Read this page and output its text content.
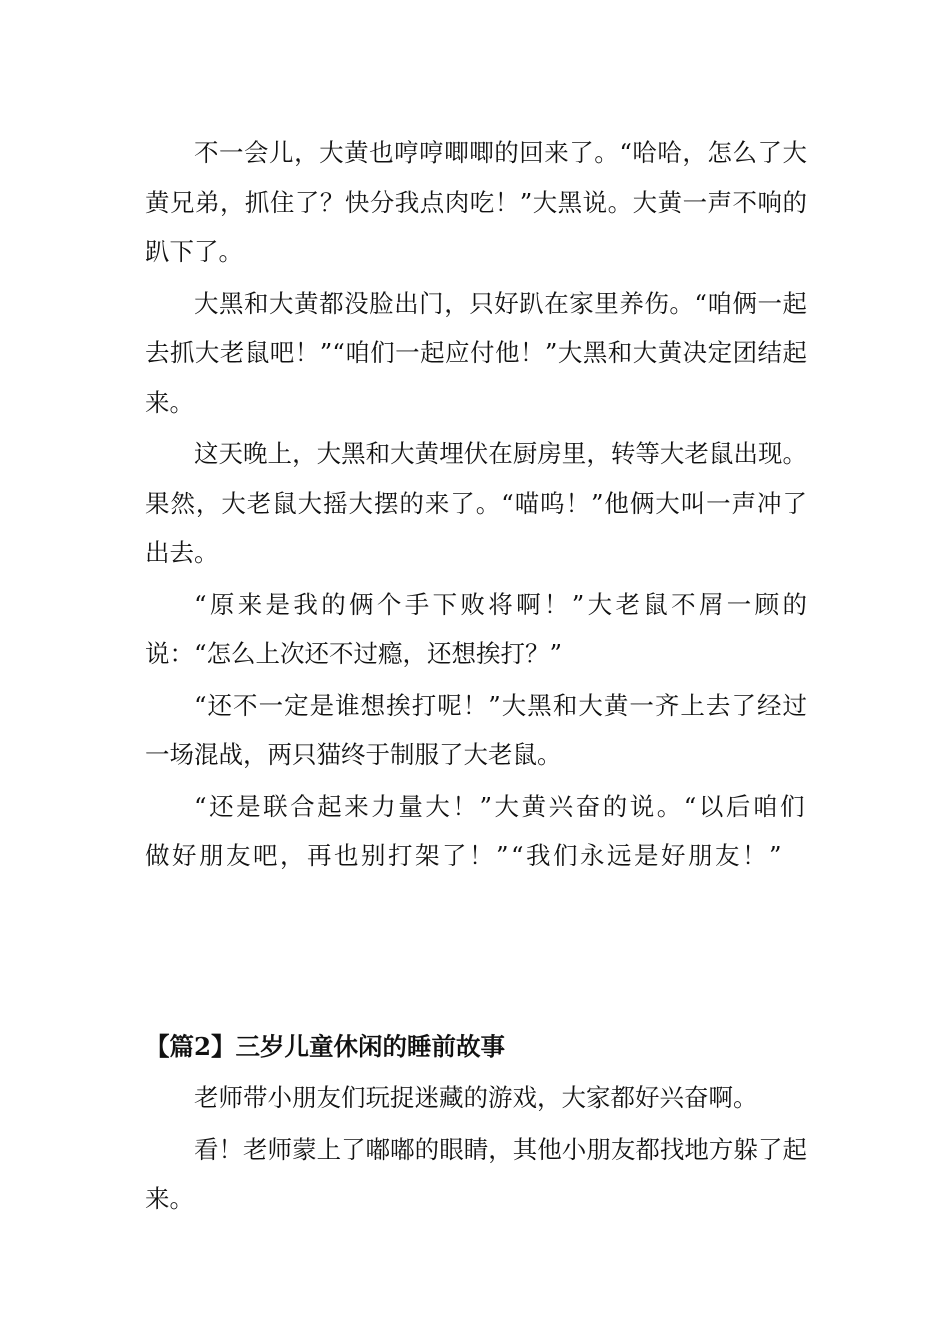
不一会儿，大黄也哼哼唧唧的回来了。“哈哈，怎么了大黄兄弟，抓住了？快分我点肉吃！”大黑说。大黄一声不响的趴下了。

大黑和大黄都没脸出门，只好趴在家里养伤。“咱俩一起去抓大老鼠吧！”“咱们一起应付他！”大黑和大黄决定团结起来。

这天晚上，大黑和大黄埋伏在厨房里，转等大老鼠出现。果然，大老鼠大摇大摆的来了。“喵呜！”他俩大叫一声冲了出去。

“原来是我的俩个手下败将啊！”大老鼠不屑一顾的说：“怎么上次还不过瘾，还想挨打？”

“还不一定是谁想挨打呢！”大黑和大黄一齐上去了经过一场混战，两只猫终于制服了大老鼠。

“还是联合起来力量大！”大黄兴奋的说。“以后咱们做好朋友吧，再也别打架了！”“我们永远是好朋友！”

【篇2】三岁儿童休闲的睡前故事

老师带小朋友们玩捉迷藏的游戏，大家都好兴奋啊。

看！老师蒙上了嘟嘟的眼睛，其他小朋友都找地方躲了起来。
